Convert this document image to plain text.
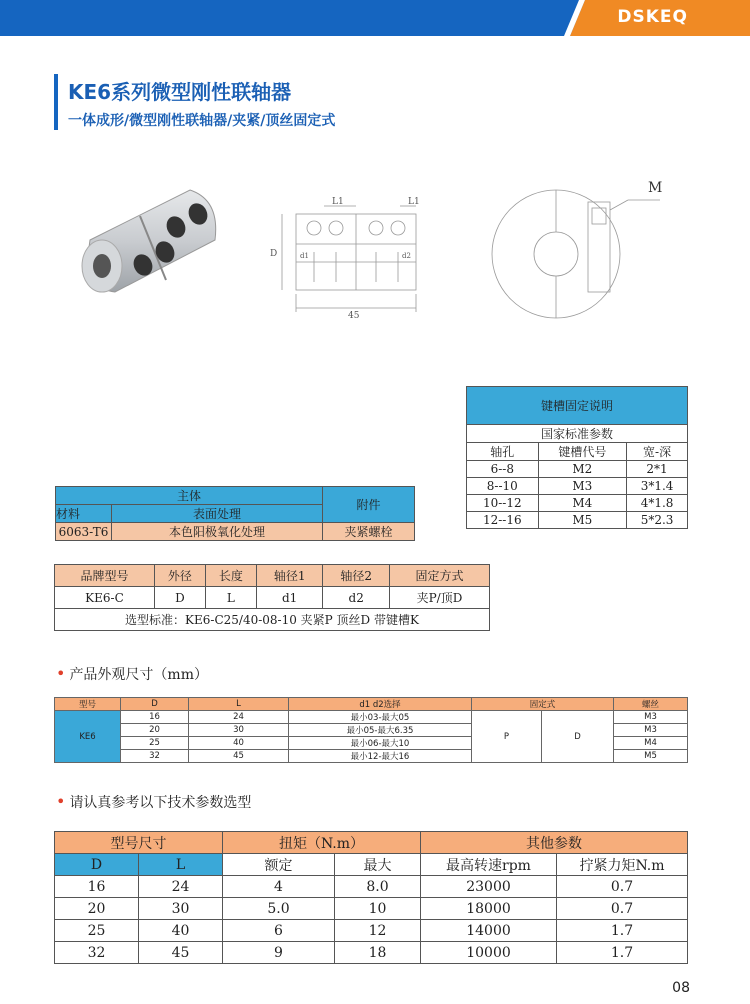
DSKEQ
KE6系列微型刚性联轴器
一体成形/微型刚性联轴器/夹紧/顶丝固定式
L1	L1
45
D	d1	d2
M
键槽固定说明		
国家标准参数		
轴孔	键槽代号	宽-深
6--8	M2	2*1
8--10	M3	3*1.4
10--12	M4	4*1.8
12--16	M5	5*2.3
主体		附件
材料	表面处理	
6063-T6	本色阳极氧化处理	夹紧螺栓
品牌型号	外径	长度	轴径1	轴径2	固定方式
KE6-C	D	L	d1	d2	夹P/顶D
选型标准：KE6-C25/40-08-10 夹紧P 顶丝D 带键槽K					
• 产品外观尺寸（mm）
型号	D	L	d1 d2选择	固定式		螺丝
KE6	16	24	最小03-最大05	P	D	M3
	20	30	最小05-最大6.35			M3
	25	40	最小06-最大10			M4
	32	45	最小12-最大16			M5
• 请认真参考以下技术参数选型
型号尺寸		扭矩（N.m）		其他参数	
D	L	额定	最大	最高转速rpm	拧紧力矩N.m
16	24	4	8.0	23000	0.7
20	30	5.0	10	18000	0.7
25	40	6	12	14000	1.7
32	45	9	18	10000	1.7
08
